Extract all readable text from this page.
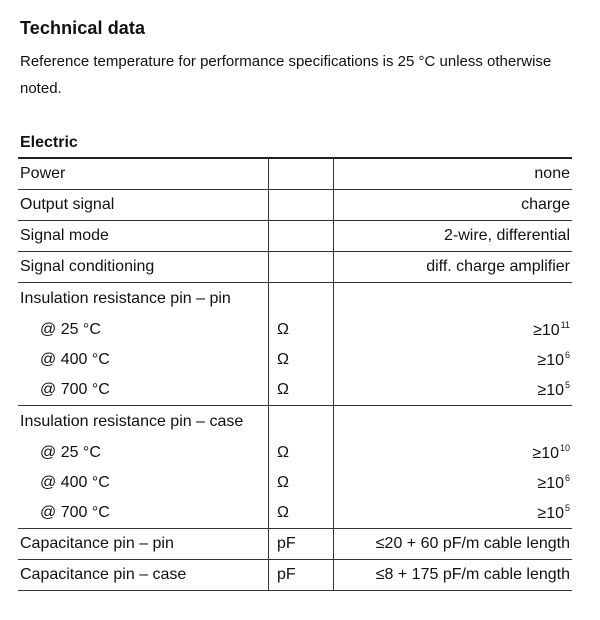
Technical data
Reference temperature for performance specifications is 25 °C unless otherwise noted.
Electric
Power		none
Output signal		charge
Signal mode		2-wire, differential
Signal conditioning		diff. charge amplifier
Insulation resistance pin – pin		
@ 25 °C	Ω	$\ge 10^{11}$
@ 400 °C	Ω	$\ge 10^6$
@ 700 °C	Ω	$\ge 10^5$
Insulation resistance pin – case		
@ 25 °C	Ω	$\ge 10^{10}$
@ 400 °C	Ω	$\ge 10^6$
@ 700 °C	Ω	$\ge 10^5$
Capacitance pin – pin	pF	≤20 + 60 pF/m cable length
Capacitance pin – case	pF	≤8 + 175 pF/m cable length
